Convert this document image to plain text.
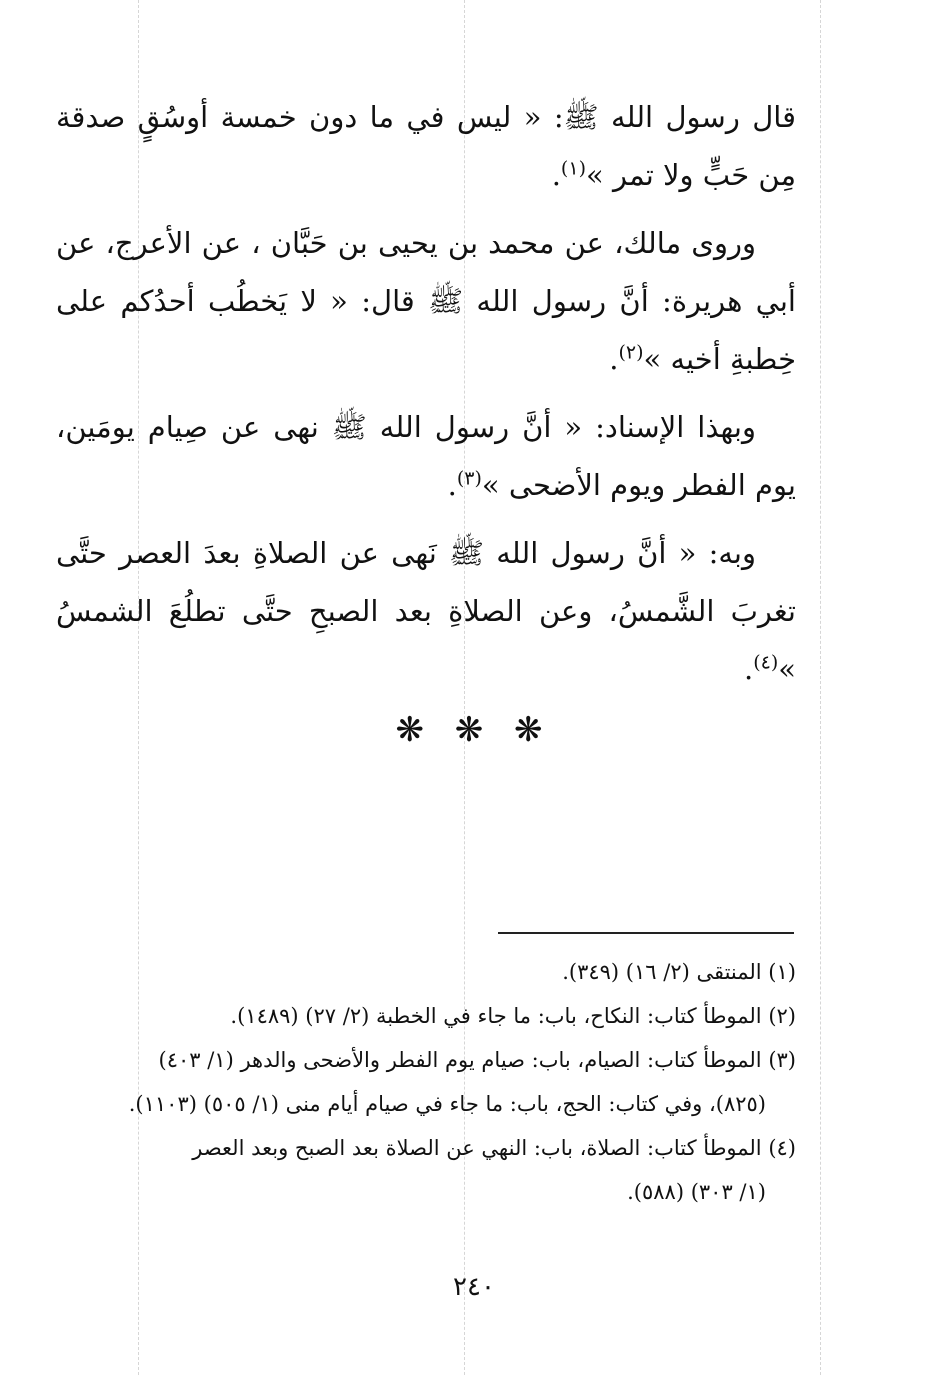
قال رسول الله ﷺ: « ليس في ما دون خمسة أوسُقٍ صدقة مِن حَبٍّ ولا تمر »$^{(١)}$.

وروى مالك، عن محمد بن يحيى بن حَبَّان ، عن الأعرج، عن أبي هريرة: أنَّ رسول الله ﷺ قال: « لا يَخطُب أحدُكم على خِطبةِ أخيه »$^{(٢)}$.

وبهذا الإسناد: « أنَّ رسول الله ﷺ نهى عن صِيام يومَين، يوم الفطر ويوم الأضحى »$^{(٣)}$.

وبه: « أنَّ رسول الله ﷺ نَهى عن الصلاةِ بعدَ العصر حتَّى تغربَ الشَّمسُ، وعن الصلاةِ بعد الصبحِ حتَّى تطلُعَ الشمسُ »$^{(٤)}$.

❋ ❋ ❋

(١) المنتقى (٢/ ١٦) (٣٤٩).

(٢) الموطأ كتاب: النكاح، باب: ما جاء في الخطبة (٢/ ٢٧) (١٤٨٩).

(٣) الموطأ كتاب: الصيام، باب: صيام يوم الفطر والأضحى والدهر (١/ ٤٠٣)
(٨٢٥)، وفي كتاب: الحج، باب: ما جاء في صيام أيام منى (١/ ٥٠٥) (١١٠٣).

(٤) الموطأ كتاب: الصلاة، باب: النهي عن الصلاة بعد الصبح وبعد العصر
(١/ ٣٠٣) (٥٨٨).

٢٤٠
